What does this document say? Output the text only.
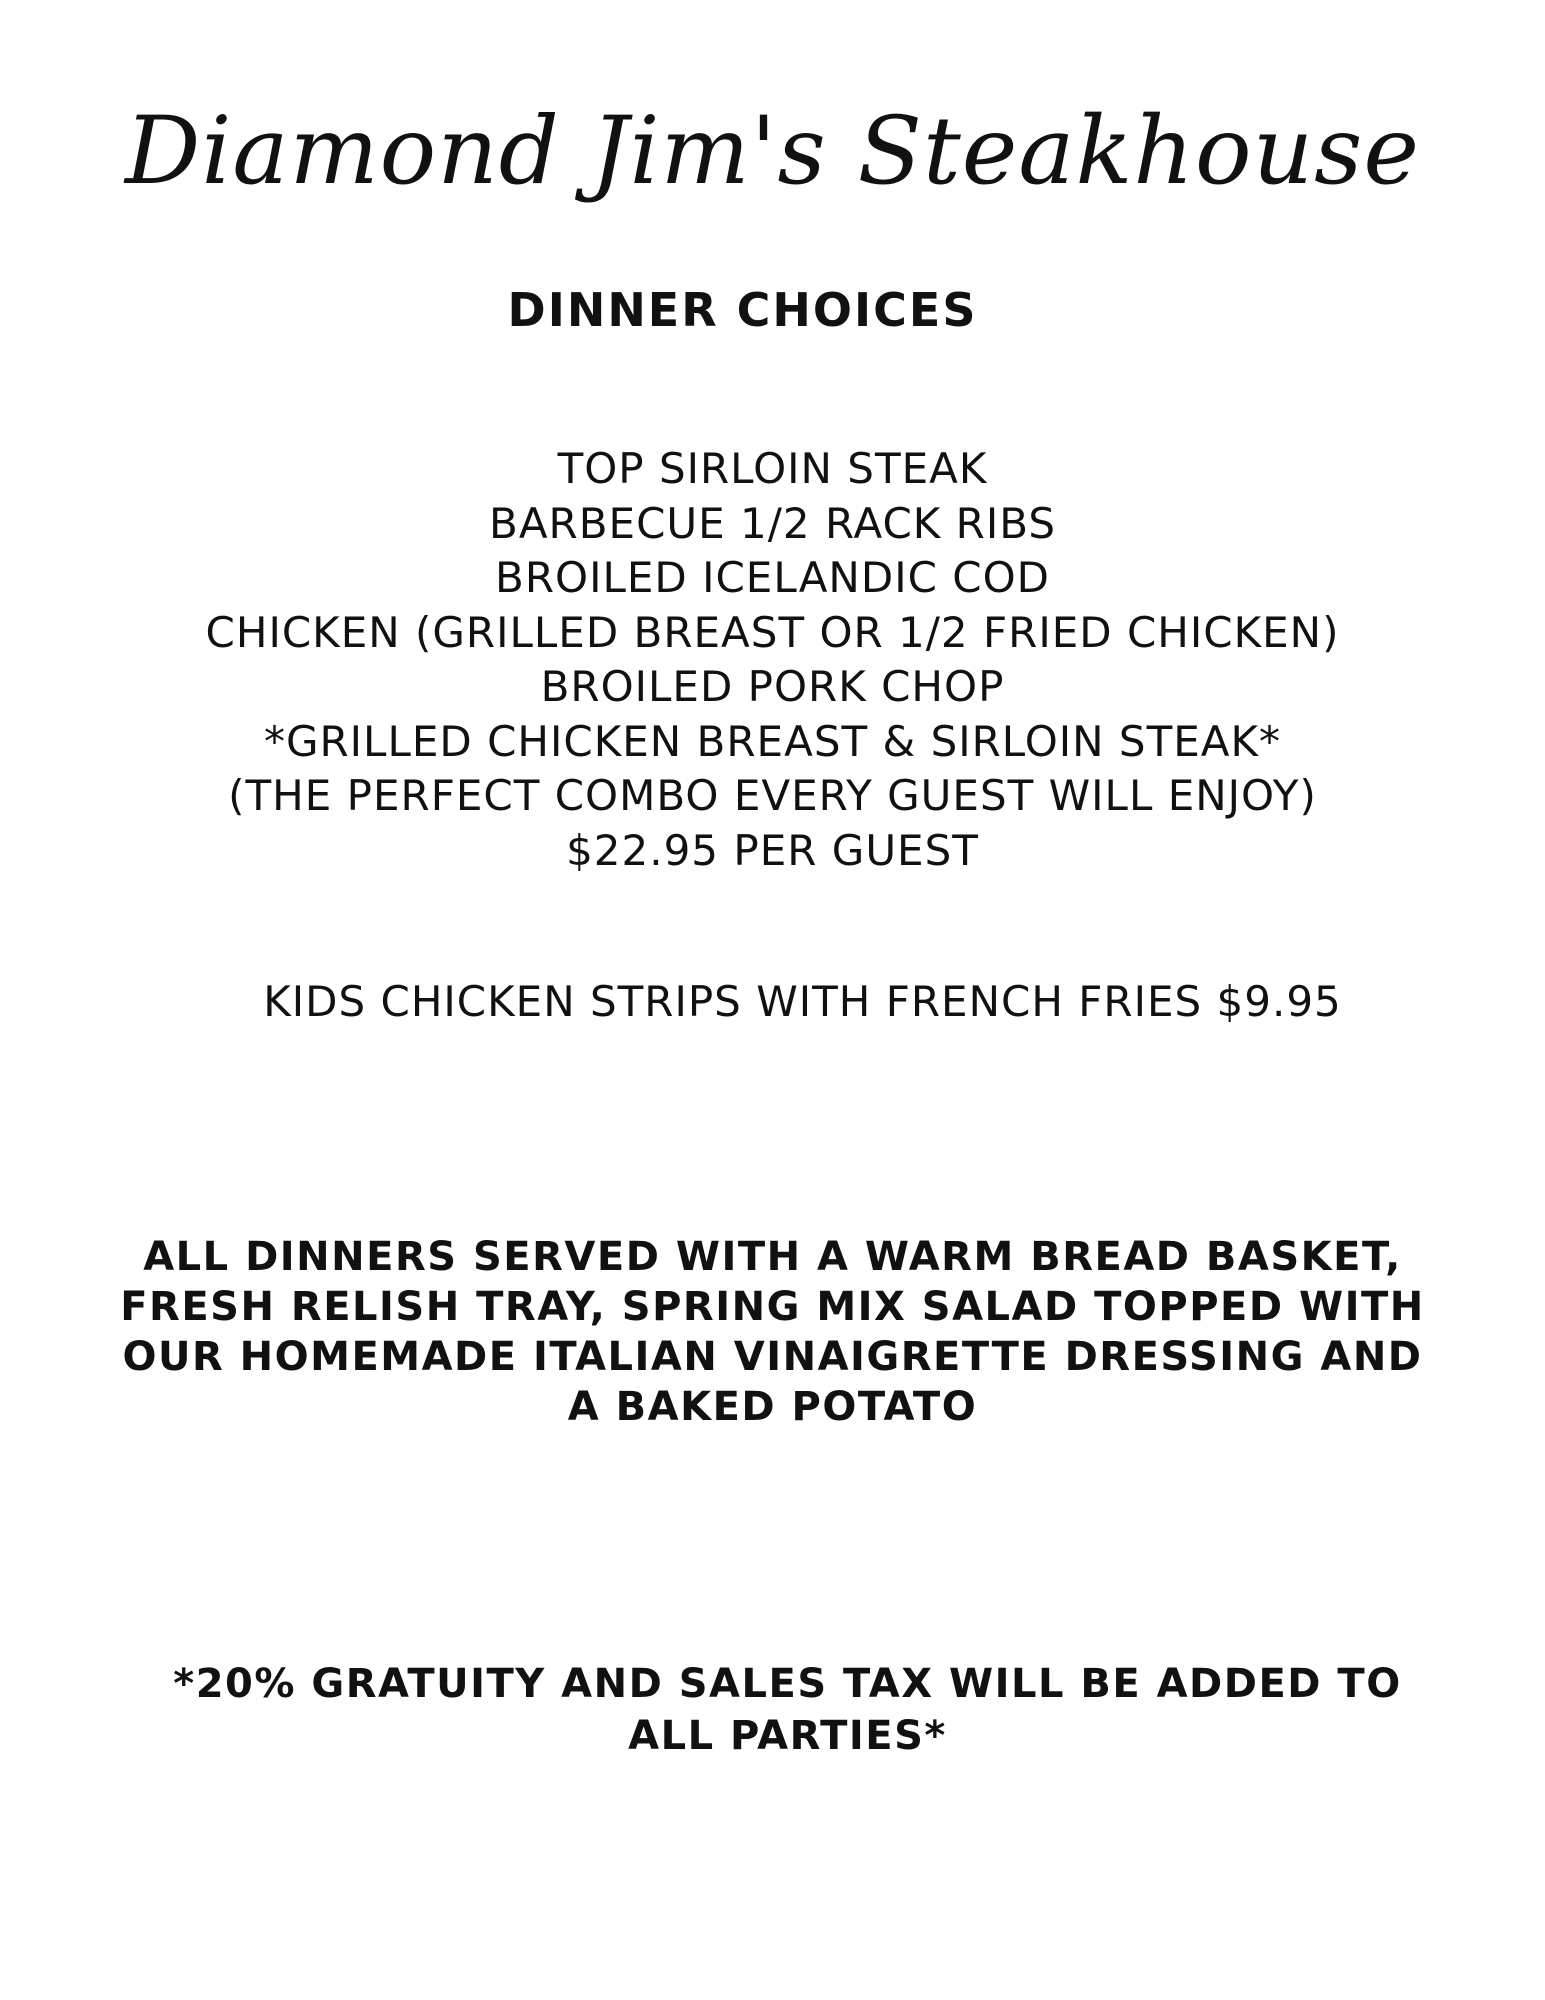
Diamond Jim's Steakhouse
DINNER CHOICES
TOP SIRLOIN STEAK
BARBECUE 1/2 RACK RIBS
BROILED ICELANDIC COD
CHICKEN (GRILLED BREAST OR 1/2 FRIED CHICKEN)
BROILED PORK CHOP
*GRILLED CHICKEN BREAST & SIRLOIN STEAK*
(THE PERFECT COMBO EVERY GUEST WILL ENJOY)
$22.95 PER GUEST
KIDS CHICKEN STRIPS WITH FRENCH FRIES $9.95
ALL DINNERS SERVED WITH A WARM BREAD BASKET,
FRESH RELISH TRAY, SPRING MIX SALAD TOPPED WITH
OUR HOMEMADE ITALIAN VINAIGRETTE DRESSING AND
A BAKED POTATO
*20% GRATUITY AND SALES TAX WILL BE ADDED TO
ALL PARTIES*
